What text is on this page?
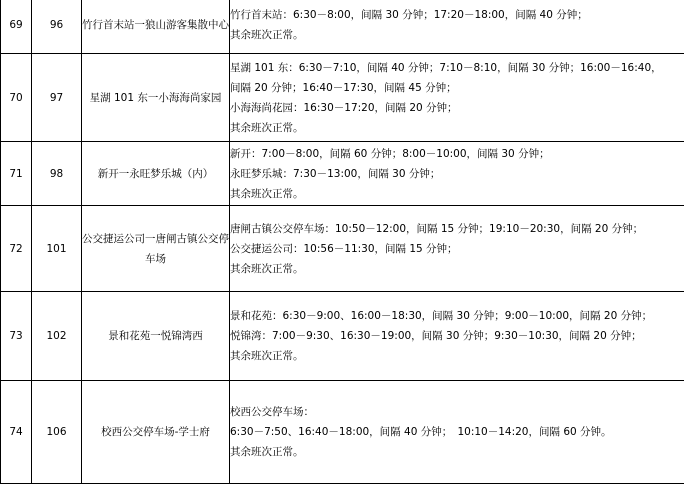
69	96	竹行首末站一狼山游客集散中心	竹行首末站：6:30－8:00，间隔 30 分钟；17:20－18:00，间隔 40 分钟；
其余班次正常。

70	97	星湖 101 东一小海海尚家园	星湖 101 东：6:30－7:10，间隔 40 分钟；7:10－8:10，间隔 30 分钟；16:00－16:40，
间隔 20 分钟；16:40－17:30，间隔 45 分钟；
小海海尚花园：16:30－17:20，间隔 20 分钟；
其余班次正常。

71	98	新开一永旺梦乐城（内）	新开：7:00－8:00，间隔 60 分钟；8:00－10:00，间隔 30 分钟；
永旺梦乐城：7:30－13:00，间隔 30 分钟；
其余班次正常。

72	101	公交捷运公司一唐闸古镇公交停车场	唐闸古镇公交停车场：10:50－12:00，间隔 15 分钟；19:10－20:30，间隔 20 分钟；
公交捷运公司：10:56－11:30，间隔 15 分钟；
其余班次正常。

73	102	景和花苑一悦锦湾西	景和花苑：6:30－9:00、16:00－18:30，间隔 30 分钟；9:00－10:00，间隔 20 分钟；
悦锦湾：7:00－9:30、16:30－19:00，间隔 30 分钟；9:30－10:30，间隔 20 分钟；
其余班次正常。

74	106	校西公交停车场-学士府	校西公交停车场：
6:30－7:50、16:40－18:00，间隔 40 分钟；　10:10－14:20，间隔 60 分钟。
其余班次正常。
